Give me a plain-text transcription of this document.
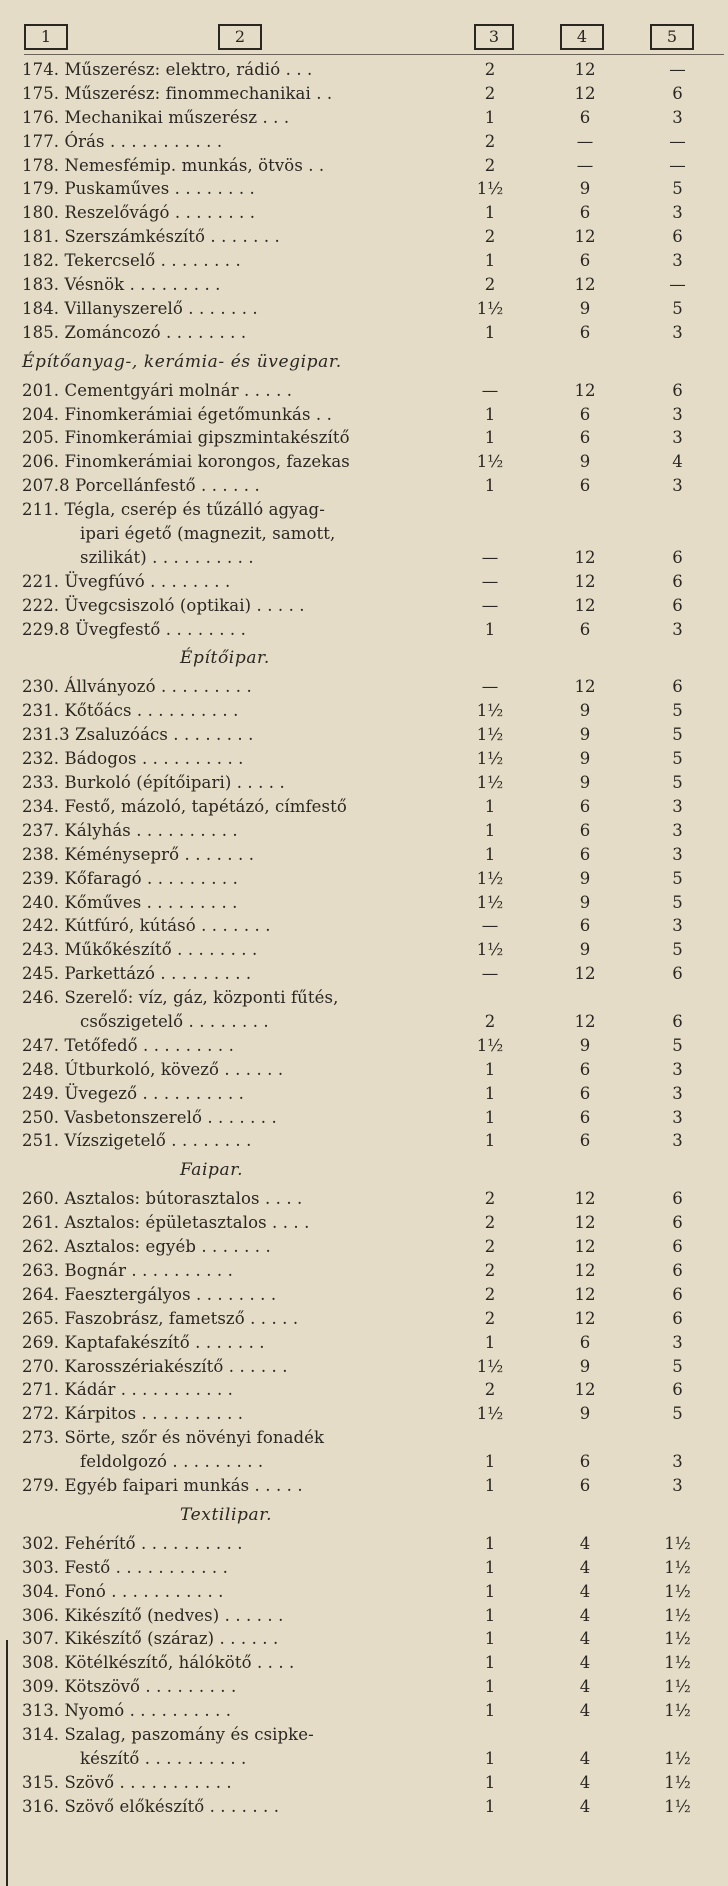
1	2	3	4	5
174. Műszerész: elektro, rádió . . .	2	12	—
175. Műszerész: finommechanikai . .	2	12	6
176. Mechanikai műszerész . . .	1	6	3
177. Órás . . . . . . . . . . .	2	—	—
178. Nemesfémip. munkás, ötvös . .	2	—	—
179. Puskaműves . . . . . . . .	1½	9	5
180. Reszelővágó . . . . . . . .	1	6	3
181. Szerszámkészítő . . . . . . .	2	12	6
182. Tekercselő . . . . . . . .	1	6	3
183. Vésnök . . . . . . . . .	2	12	—
184. Villanyszerelő . . . . . . .	1½	9	5
185. Zománcozó . . . . . . . .	1	6	3
Építőanyag-, kerámia- és üvegipar.
201. Cementgyári molnár . . . . .	—	12	6
204. Finomkerámiai égetőmunkás . .	1	6	3
205. Finomkerámiai gipszmintakészítő	1	6	3
206. Finomkerámiai korongos, fazekas	1½	9	4
207.8 Porcellánfestő . . . . . .	1	6	3
211. Tégla, cserép és tűzálló agyag-
ipari égető (magnezit, samott,
szilikát) . . . . . . . . . .	—	12	6
221. Üvegfúvó . . . . . . . .	—	12	6
222. Üvegcsiszoló (optikai) . . . . .	—	12	6
229.8 Üvegfestő . . . . . . . .	1	6	3
Építőipar.
230. Állványozó . . . . . . . . .	—	12	6
231. Kőtőács . . . . . . . . . .	1½	9	5
231.3 Zsaluzóács . . . . . . . .	1½	9	5
232. Bádogos . . . . . . . . . .	1½	9	5
233. Burkoló (építőipari) . . . . .	1½	9	5
234. Festő, mázoló, tapétázó, címfestő	1	6	3
237. Kályhás . . . . . . . . . .	1	6	3
238. Kéményseprő . . . . . . .	1	6	3
239. Kőfaragó . . . . . . . . .	1½	9	5
240. Kőműves . . . . . . . . .	1½	9	5
242. Kútfúró, kútásó . . . . . . .	—	6	3
243. Műkőkészítő . . . . . . . .	1½	9	5
245. Parkettázó . . . . . . . . .	—	12	6
246. Szerelő: víz, gáz, központi fűtés,
csőszigetelő . . . . . . . .	2	12	6
247. Tetőfedő . . . . . . . . .	1½	9	5
248. Útburkoló, kövező . . . . . .	1	6	3
249. Üvegező . . . . . . . . . .	1	6	3
250. Vasbetonszerelő . . . . . . .	1	6	3
251. Vízszigetelő . . . . . . . .	1	6	3
Faipar.
260. Asztalos: bútorasztalos . . . .	2	12	6
261. Asztalos: épületasztalos . . . .	2	12	6
262. Asztalos: egyéb . . . . . . .	2	12	6
263. Bognár . . . . . . . . . .	2	12	6
264. Faesztergályos . . . . . . . .	2	12	6
265. Faszobrász, fametsző . . . . .	2	12	6
269. Kaptafakészítő . . . . . . .	1	6	3
270. Karosszériakészítő . . . . . .	1½	9	5
271. Kádár . . . . . . . . . . .	2	12	6
272. Kárpitos . . . . . . . . . .	1½	9	5
273. Sörte, szőr és növényi fonadék
feldolgozó . . . . . . . . .	1	6	3
279. Egyéb faipari munkás . . . . .	1	6	3
Textilipar.
302. Fehérítő . . . . . . . . . .	1	4	1½
303. Festő . . . . . . . . . . .	1	4	1½
304. Fonó . . . . . . . . . . .	1	4	1½
306. Kikészítő (nedves) . . . . . .	1	4	1½
307. Kikészítő (száraz) . . . . . .	1	4	1½
308. Kötélkészítő, hálókötő . . . .	1	4	1½
309. Kötszövő . . . . . . . . .	1	4	1½
313. Nyomó . . . . . . . . . .	1	4	1½
314. Szalag, paszomány és csipke-
készítő . . . . . . . . . .	1	4	1½
315. Szövő . . . . . . . . . . .	1	4	1½
316. Szövő előkészítő . . . . . . .	1	4	1½
